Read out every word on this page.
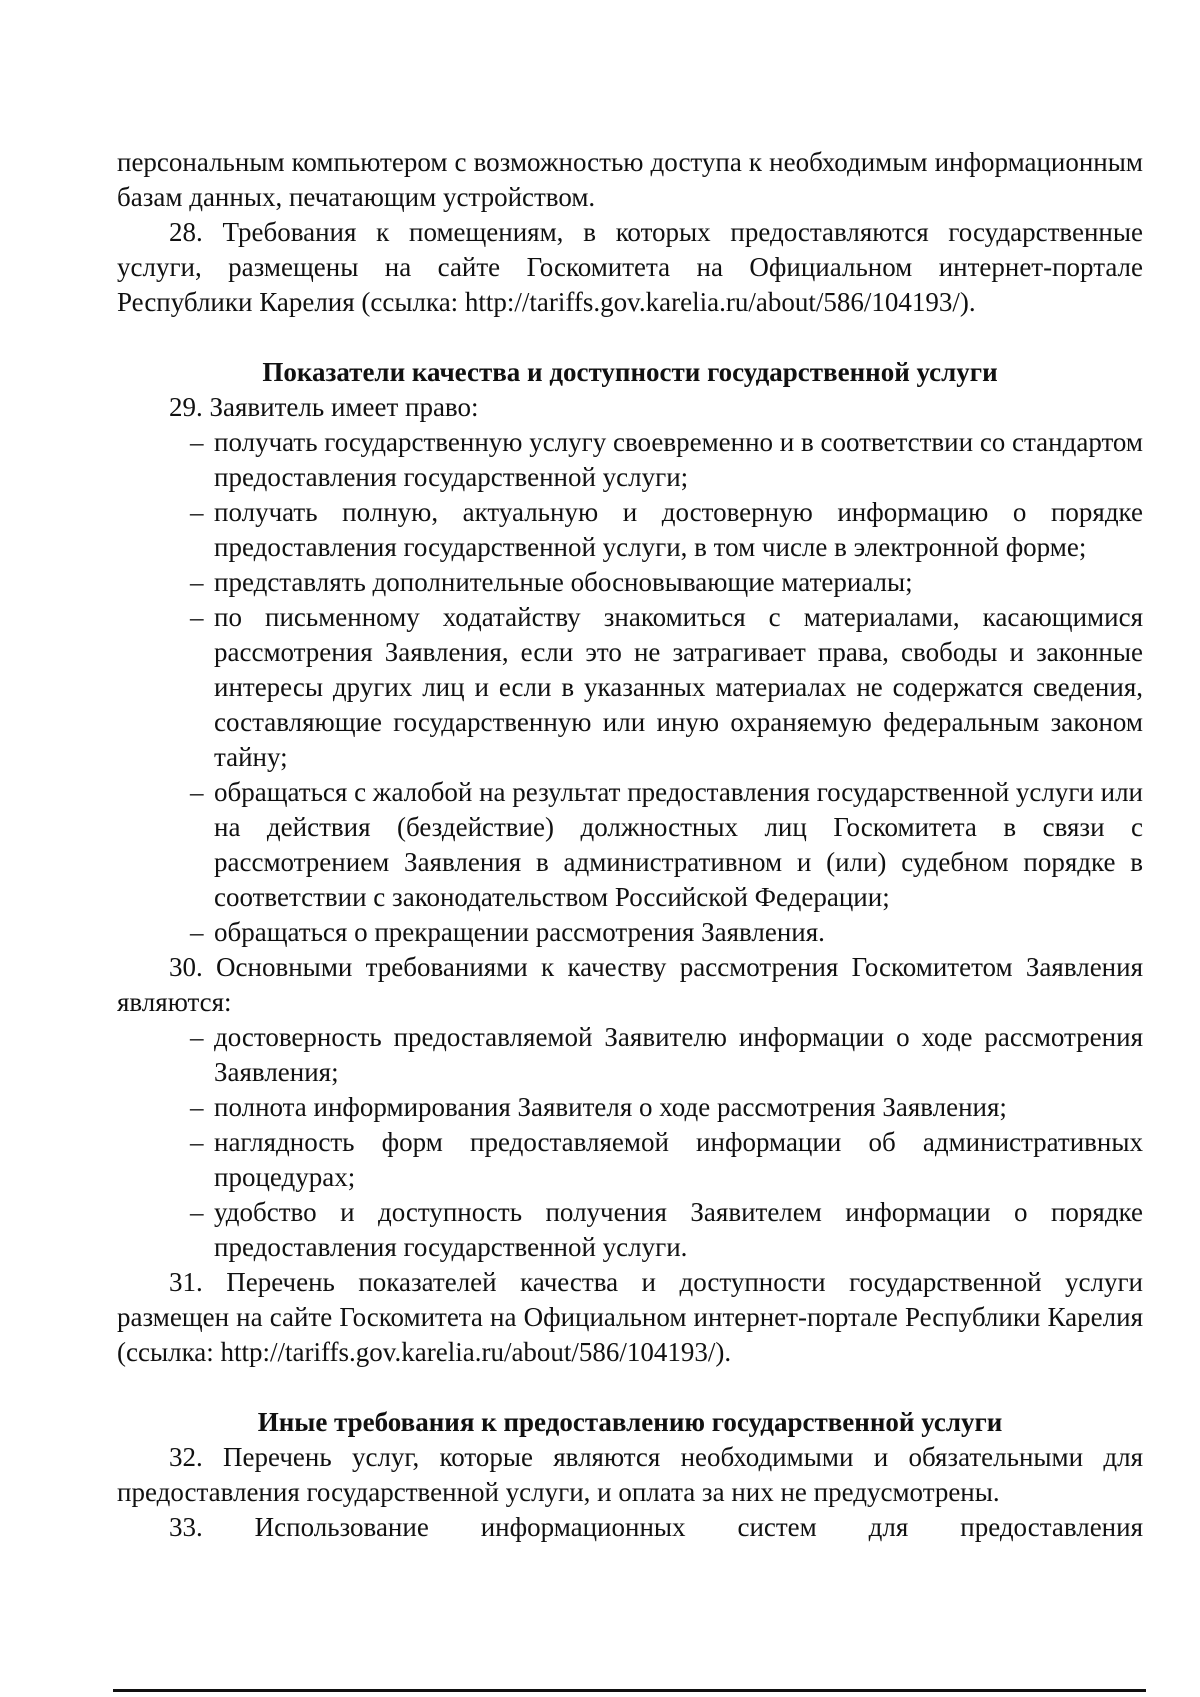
персональным компьютером с возможностью доступа к необходимым информационным базам данных, печатающим устройством.

28. Требования к помещениям, в которых предоставляются государственные услуги, размещены на сайте Госкомитета на Официальном интернет-портале Республики Карелия (ссылка: http://tariffs.gov.karelia.ru/about/586/104193/).

Показатели качества и доступности государственной услуги

29. Заявитель имеет право:

– получать государственную услугу своевременно и в соответствии со стандартом предоставления государственной услуги;
– получать полную, актуальную и достоверную информацию о порядке предоставления государственной услуги, в том числе в электронной форме;
– представлять дополнительные обосновывающие материалы;
– по письменному ходатайству знакомиться с материалами, касающимися рассмотрения Заявления, если это не затрагивает права, свободы и законные интересы других лиц и если в указанных материалах не содержатся сведения, составляющие государственную или иную охраняемую федеральным законом тайну;
– обращаться с жалобой на результат предоставления государственной услуги или на действия (бездействие) должностных лиц Госкомитета в связи с рассмотрением Заявления в административном и (или) судебном порядке в соответствии с законодательством Российской Федерации;
– обращаться о прекращении рассмотрения Заявления.

30. Основными требованиями к качеству рассмотрения Госкомитетом Заявления являются:

– достоверность предоставляемой Заявителю информации о ходе рассмотрения Заявления;
– полнота информирования Заявителя о ходе рассмотрения Заявления;
– наглядность форм предоставляемой информации об административных процедурах;
– удобство и доступность получения Заявителем информации о порядке предоставления государственной услуги.

31. Перечень показателей качества и доступности государственной услуги размещен на сайте Госкомитета на Официальном интернет-портале Республики Карелия (ссылка: http://tariffs.gov.karelia.ru/about/586/104193/).

Иные требования к предоставлению государственной услуги

32. Перечень услуг, которые являются необходимыми и обязательными для предоставления государственной услуги, и оплата за них не предусмотрены.

33. Использование информационных систем для предоставления
